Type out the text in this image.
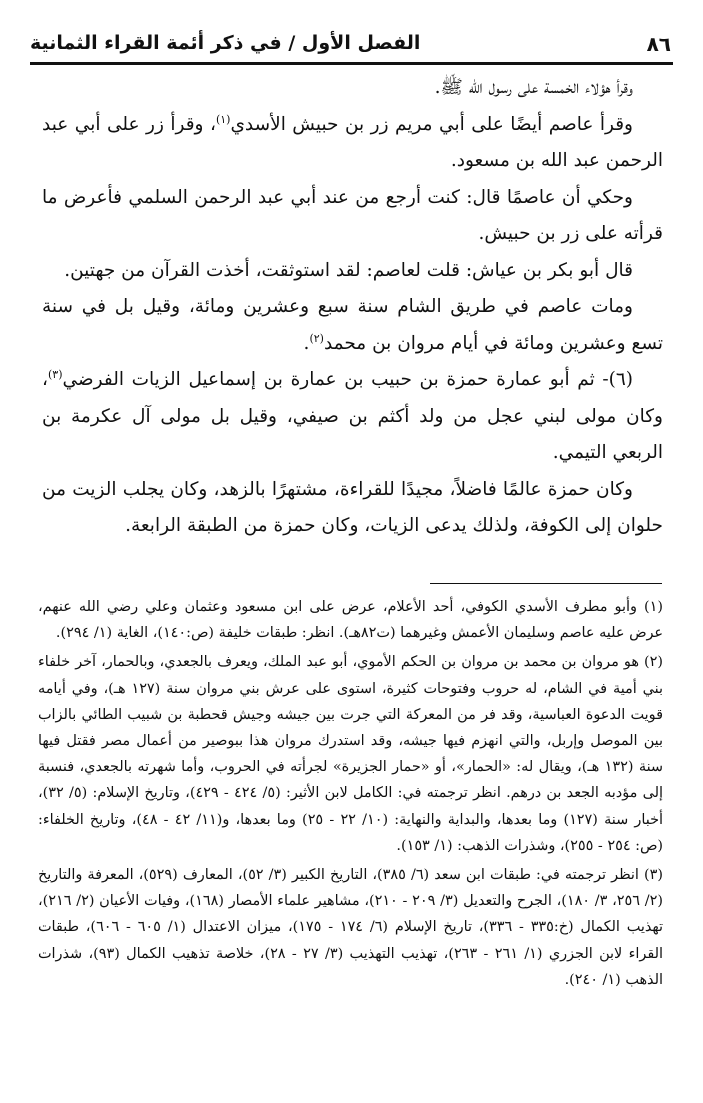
الفصل الأول / في ذكر أئمة القراء الثمانية	٨٦

وقرأ هؤلاء الخمسة على رسول الله ﷺ.

وقرأ عاصم أيضًا على أبي مريم زر بن حبيش الأسدي$^{(١)}$، وقرأ زر على أبي عبد الرحمن عبد الله بن مسعود.

وحكي أن عاصمًا قال: كنت أرجع من عند أبي عبد الرحمن السلمي فأعرض ما قرأته على زر بن حبيش.

قال أبو بكر بن عياش: قلت لعاصم: لقد استوثقت، أخذت القرآن من جهتين.

ومات عاصم في طريق الشام سنة سبع وعشرين ومائة، وقيل بل في سنة تسع وعشرين ومائة في أيام مروان بن محمد$^{(٢)}$.

(٦)- ثم أبو عمارة حمزة بن حبيب بن عمارة بن إسماعيل الزيات الفرضي$^{(٣)}$، وكان مولى لبني عجل من ولد أكثم بن صيفي، وقيل بل مولى آل عكرمة بن الربعي التيمي.

وكان حمزة عالمًا فاضلاً، مجيدًا للقراءة، مشتهرًا بالزهد، وكان يجلب الزيت من حلوان إلى الكوفة، ولذلك يدعى الزيات، وكان حمزة من الطبقة الرابعة.

(١) وأبو مطرف الأسدي الكوفي، أحد الأعلام، عرض على ابن مسعود وعثمان وعلي رضي الله عنهم، عرض عليه عاصم وسليمان الأعمش وغيرهما (ت٨٢هـ). انظر: طبقات خليفة (ص:١٤٠)، الغاية (١/ ٢٩٤).

(٢) هو مروان بن محمد بن مروان بن الحكم الأموي، أبو عبد الملك، ويعرف بالجعدي، وبالحمار، آخر خلفاء بني أمية في الشام، له حروب وفتوحات كثيرة، استوى على عرش بني مروان سنة (١٢٧ هـ)، وفي أيامه قويت الدعوة العباسية، وقد فر من المعركة التي جرت بين جيشه وجيش قحطبة بن شبيب الطائي بالزاب بين الموصل وإربل، والتي انهزم فيها جيشه، وقد استدرك مروان هذا ببوصير من أعمال مصر فقتل فيها سنة (١٣٢ هـ)، ويقال له: «الحمار»، أو «حمار الجزيرة» لجرأته في الحروب، وأما شهرته بالجعدي، فنسبة إلى مؤدبه الجعد بن درهم. انظر ترجمته في: الكامل لابن الأثير: (٥/ ٤٢٤ - ٤٢٩)، وتاريخ الإسلام: (٥/ ٣٢)، أخبار سنة (١٢٧) وما بعدها، والبداية والنهاية: (١٠/ ٢٢ - ٢٥) وما بعدها، و(١١/ ٤٢ - ٤٨)، وتاريخ الخلفاء: (ص: ٢٥٤ - ٢٥٥)، وشذرات الذهب: (١/ ١٥٣).

(٣) انظر ترجمته في: طبقات ابن سعد (٦/ ٣٨٥)، التاريخ الكبير (٣/ ٥٢)، المعارف (٥٢٩)، المعرفة والتاريخ (٢/ ٢٥٦، ٣/ ١٨٠)، الجرح والتعديل (٣/ ٢٠٩ - ٢١٠)، مشاهير علماء الأمصار (١٦٨)، وفيات الأعيان (٢/ ٢١٦)، تهذيب الكمال (خ:٣٣٥ - ٣٣٦)، تاريخ الإسلام (٦/ ١٧٤ - ١٧٥)، ميزان الاعتدال (١/ ٦٠٥ - ٦٠٦)، طبقات القراء لابن الجزري (١/ ٢٦١ - ٢٦٣)، تهذيب التهذيب (٣/ ٢٧ - ٢٨)، خلاصة تذهيب الكمال (٩٣)، شذرات الذهب (١/ ٢٤٠).
